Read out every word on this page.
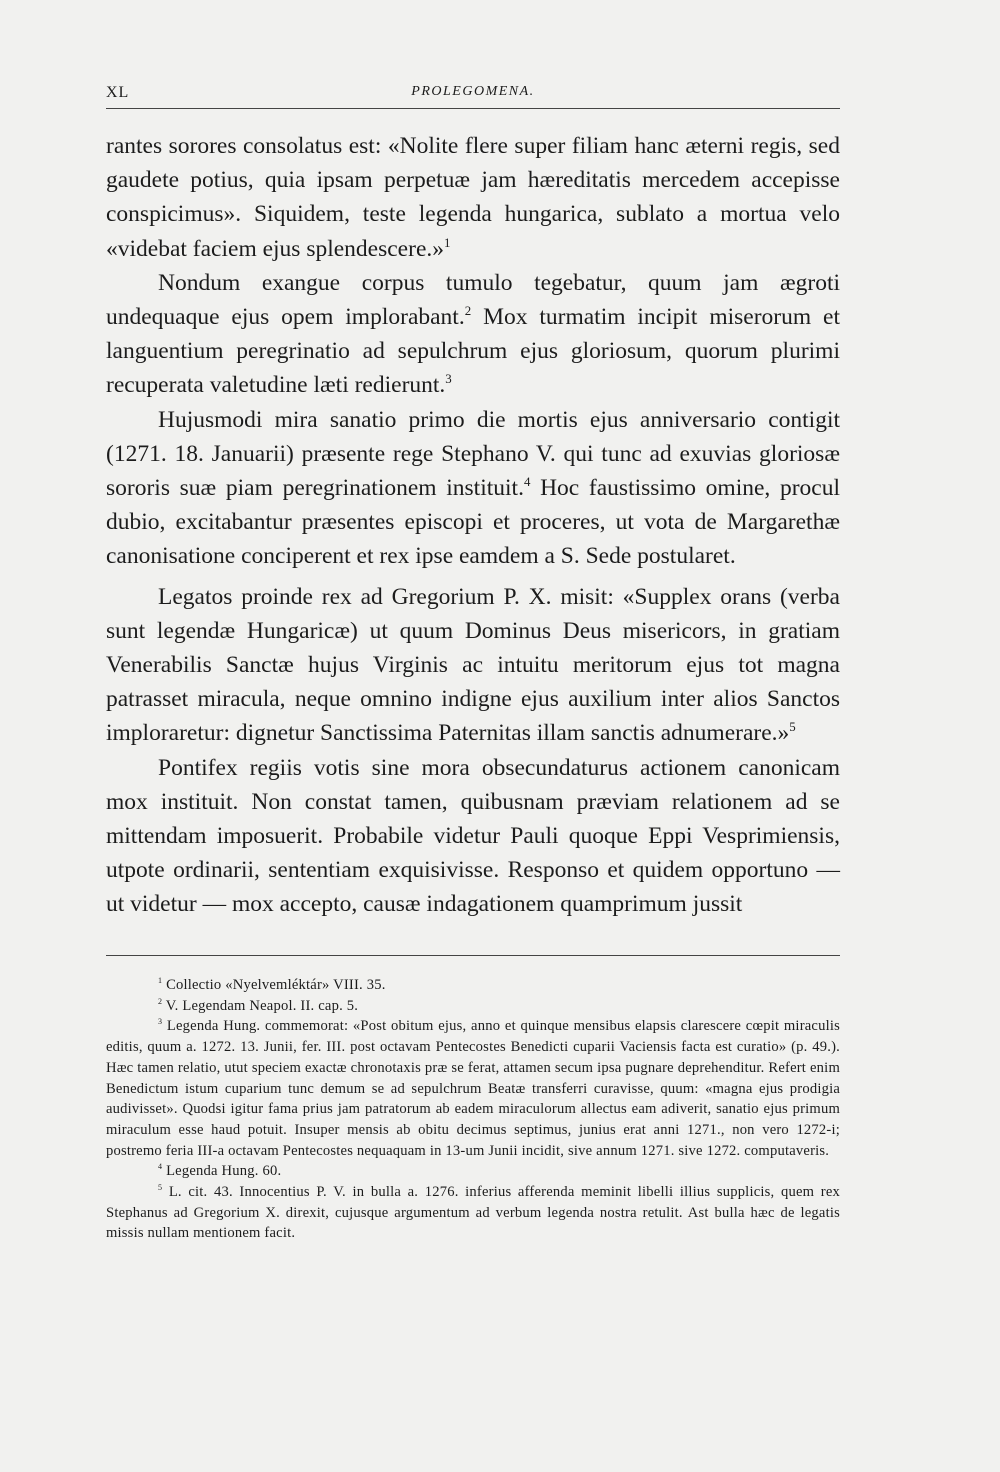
XL	PROLEGOMENA.

rantes sorores consolatus est: «Nolite flere super filiam hanc æterni regis, sed gaudete potius, quia ipsam perpetuæ jam hæreditatis mercedem accepisse conspicimus». Siquidem, teste legenda hungarica, sublato a mortua velo «videbat faciem ejus splendescere.»$^1$

Nondum exangue corpus tumulo tegebatur, quum jam ægroti undequaque ejus opem implorabant.$^2$ Mox turmatim incipit miserorum et languentium peregrinatio ad sepulchrum ejus gloriosum, quorum plurimi recuperata valetudine læti redierunt.$^3$

Hujusmodi mira sanatio primo die mortis ejus anniversario contigit (1271. 18. Januarii) præsente rege Stephano V. qui tunc ad exuvias gloriosæ sororis suæ piam peregrinationem instituit.$^4$ Hoc faustissimo omine, procul dubio, excitabantur præsentes episcopi et proceres, ut vota de Margarethæ canonisatione conciperent et rex ipse eamdem a S. Sede postularet.

Legatos proinde rex ad Gregorium P. X. misit: «Supplex orans (verba sunt legendæ Hungaricæ) ut quum Dominus Deus misericors, in gratiam Venerabilis Sanctæ hujus Virginis ac intuitu meritorum ejus tot magna patrasset miracula, neque omnino indigne ejus auxilium inter alios Sanctos imploraretur: dignetur Sanctissima Paternitas illam sanctis adnumerare.»$^5$

Pontifex regiis votis sine mora obsecundaturus actionem canonicam mox instituit. Non constat tamen, quibusnam præviam relationem ad se mittendam imposuerit. Probabile videtur Pauli quoque Eppi Vesprimiensis, utpote ordinarii, sententiam exquisivisse. Responso et quidem opportuno — ut videtur — mox accepto, causæ indagationem quamprimum jussit

$^1$ Collectio «Nyelvemléktár» VIII. 35.

$^2$ V. Legendam Neapol. II. cap. 5.

$^3$ Legenda Hung. commemorat: «Post obitum ejus, anno et quinque mensibus elapsis clarescere cœpit miraculis editis, quum a. 1272. 13. Junii, fer. III. post octavam Pentecostes Benedicti cuparii Vaciensis facta est curatio» (p. 49.). Hæc tamen relatio, utut speciem exactæ chronotaxis præ se ferat, attamen secum ipsa pugnare deprehenditur. Refert enim Benedictum istum cuparium tunc demum se ad sepulchrum Beatæ transferri curavisse, quum: «magna ejus prodigia audivisset». Quodsi igitur fama prius jam patratorum ab eadem miraculorum allectus eam adiverit, sanatio ejus primum miraculum esse haud potuit. Insuper mensis ab obitu decimus septimus, junius erat anni 1271., non vero 1272-i; postremo feria III-a octavam Pentecostes nequaquam in 13-um Junii incidit, sive annum 1271. sive 1272. computaveris.

$^4$ Legenda Hung. 60.

$^5$ L. cit. 43. Innocentius P. V. in bulla a. 1276. inferius afferenda meminit libelli illius supplicis, quem rex Stephanus ad Gregorium X. direxit, cujusque argumentum ad verbum legenda nostra retulit. Ast bulla hæc de legatis missis nullam mentionem facit.
